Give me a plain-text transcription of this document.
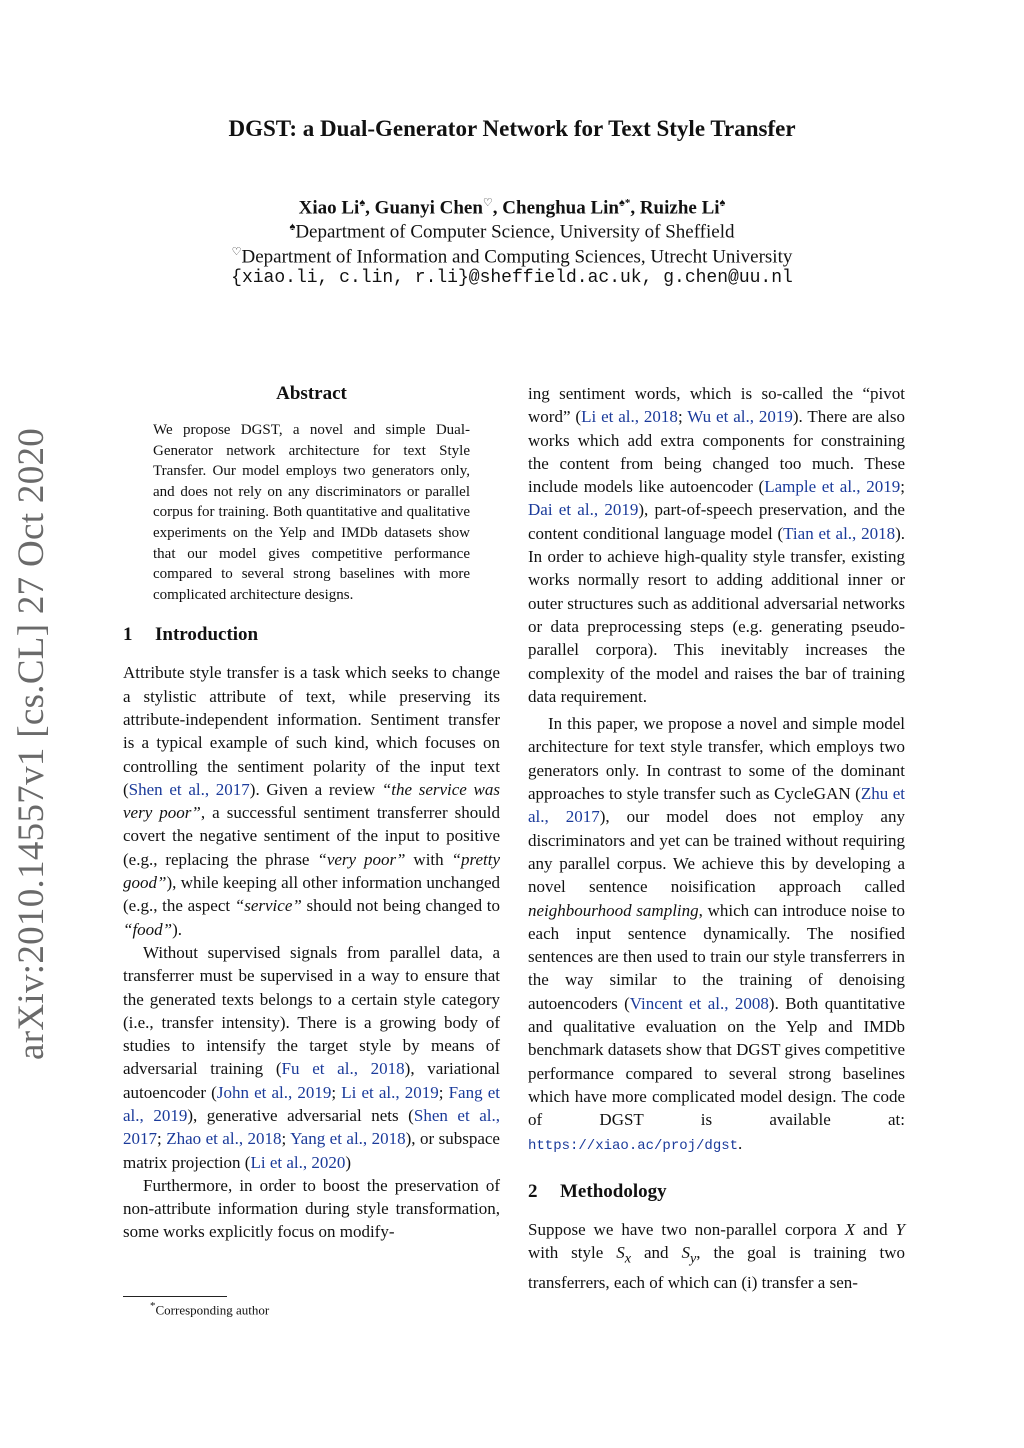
arXiv:2010.14557v1 [cs.CL] 27 Oct 2020
DGST: a Dual-Generator Network for Text Style Transfer
Xiao Li♠, Guanyi Chen♡, Chenghua Lin♠*, Ruizhe Li♠
♠Department of Computer Science, University of Sheffield
♡Department of Information and Computing Sciences, Utrecht University
{xiao.li, c.lin, r.li}@sheffield.ac.uk, g.chen@uu.nl
Abstract
We propose DGST, a novel and simple Dual-Generator network architecture for text Style Transfer. Our model employs two generators only, and does not rely on any discriminators or parallel corpus for training. Both quantitative and qualitative experiments on the Yelp and IMDb datasets show that our model gives competitive performance compared to several strong baselines with more complicated architecture designs.
1 Introduction

Attribute style transfer is a task which seeks to change a stylistic attribute of text, while preserving its attribute-independent information. Sentiment transfer is a typical example of such kind, which focuses on controlling the sentiment polarity of the input text (Shen et al., 2017). Given a review “the service was very poor”, a successful sentiment transferrer should covert the negative sentiment of the input to positive (e.g., replacing the phrase “very poor” with “pretty good”), while keeping all other information unchanged (e.g., the aspect “service” should not being changed to “food”).

Without supervised signals from parallel data, a transferrer must be supervised in a way to ensure that the generated texts belongs to a certain style category (i.e., transfer intensity). There is a growing body of studies to intensify the target style by means of adversarial training (Fu et al., 2018), variational autoencoder (John et al., 2019; Li et al., 2019; Fang et al., 2019), generative adversarial nets (Shen et al., 2017; Zhao et al., 2018; Yang et al., 2018), or subspace matrix projection (Li et al., 2020)

Furthermore, in order to boost the preservation of non-attribute information during style transformation, some works explicitly focus on modify-

ing sentiment words, which is so-called the “pivot word” (Li et al., 2018; Wu et al., 2019). There are also works which add extra components for constraining the content from being changed too much. These include models like autoencoder (Lample et al., 2019; Dai et al., 2019), part-of-speech preservation, and the content conditional language model (Tian et al., 2018). In order to achieve high-quality style transfer, existing works normally resort to adding additional inner or outer structures such as additional adversarial networks or data preprocessing steps (e.g. generating pseudo-parallel corpora). This inevitably increases the complexity of the model and raises the bar of training data requirement.

In this paper, we propose a novel and simple model architecture for text style transfer, which employs two generators only. In contrast to some of the dominant approaches to style transfer such as CycleGAN (Zhu et al., 2017), our model does not employ any discriminators and yet can be trained without requiring any parallel corpus. We achieve this by developing a novel sentence noisification approach called neighbourhood sampling, which can introduce noise to each input sentence dynamically. The nosified sentences are then used to train our style transferrers in the way similar to the training of denoising autoencoders (Vincent et al., 2008). Both quantitative and qualitative evaluation on the Yelp and IMDb benchmark datasets show that DGST gives competitive performance compared to several strong baselines which have more complicated model design. The code of DGST is available at: https://xiao.ac/proj/dgst.

2 Methodology

Suppose we have two non-parallel corpora X and Y with style $S_x$ and $S_y$, the goal is training two transferrers, each of which can (i) transfer a sen-

*Corresponding author
